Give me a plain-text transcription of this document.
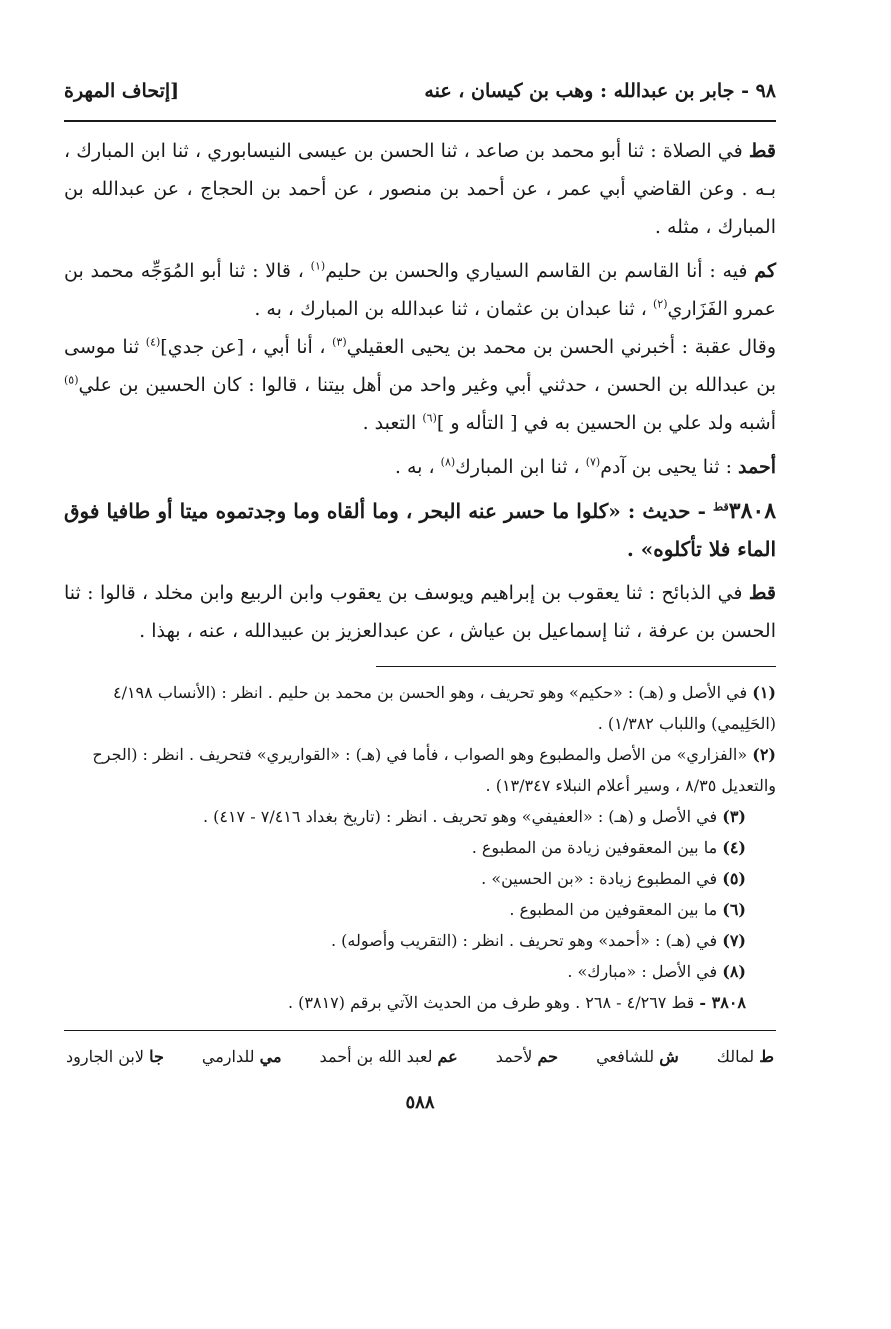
٩٨ - جابر بن عبدالله : وهب بن كيسان ، عنه
[إتحاف المهرة

قط في الصلاة : ثنا أبو محمد بن صاعد ، ثنا الحسن بن عيسى النيسابوري ، ثنا ابن المبارك ، بـه . وعن القاضي أبي عمر ، عن أحمد بن منصور ، عن أحمد بن الحجاج ، عن عبدالله بن المبارك ، مثله .

كم فيه : أنا القاسم بن القاسم السياري والحسن بن حليم$^{(١)}$ ، قالا : ثنا أبو المُوَجِّه محمد بن عمرو الفَزَاري$^{(٢)}$ ، ثنا عبدان بن عثمان ، ثنا عبدالله بن المبارك ، به .
وقال عقبة : أخبرني الحسن بن محمد بن يحيى العقيلي$^{(٣)}$ ، أنا أبي ، [عن جدي]$^{(٤)}$ ثنا موسى بن عبدالله بن الحسن ، حدثني أبي وغير واحد من أهل بيتنا ، قالوا : كان الحسين بن علي$^{(٥)}$ أشبه ولد علي بن الحسين به في [ التأله و ]$^{(٦)}$ التعبد .

أحمد : ثنا يحيى بن آدم$^{(٧)}$ ، ثنا ابن المبارك$^{(٨)}$ ، به .

$٣٨٠٨^{قط}$ - حديث : «كلوا ما حسر عنه البحر ، وما ألقاه وما وجدتموه ميتا أو طافيا فوق الماء فلا تأكلوه» .

قط في الذبائح : ثنا يعقوب بن إبراهيم ويوسف بن يعقوب وابن الربيع وابن مخلد ، قالوا : ثنا الحسن بن عرفة ، ثنا إسماعيل بن عياش ، عن عبدالعزيز بن عبيدالله ، عنه ، بهذا .

(١) في الأصل و (هـ) : «حكيم» وهو تحريف ، وهو الحسن بن محمد بن حليم . انظر : (الأنساب ٤/١٩٨ (الحَلِيمي) واللباب ١/٣٨٢) .

(٢) «الفزاري» من الأصل والمطبوع وهو الصواب ، فأما في (هـ) : «القواريري» فتحريف . انظر : (الجرح والتعديل ٨/٣٥ ، وسير أعلام النبلاء ١٣/٣٤٧) .

(٣) في الأصل و (هـ) : «العفيفي» وهو تحريف . انظر : (تاريخ بغداد ٧/٤١٦ - ٤١٧) .

(٤) ما بين المعقوفين زيادة من المطبوع .

(٥) في المطبوع زيادة : «بن الحسين» .

(٦) ما بين المعقوفين من المطبوع .

(٧) في (هـ) : «أحمد» وهو تحريف . انظر : (التقريب وأصوله) .

(٨) في الأصل : «مبارك» .

٣٨٠٨ - قط ٤/٢٦٧ - ٢٦٨ . وهو طرف من الحديث الآتي برقم (٣٨١٧) .

ط لمالك
ش للشافعي
حم لأحمد
عم لعبد الله بن أحمد
مي للدارمي
جا لابن الجارود
٥٨٨
